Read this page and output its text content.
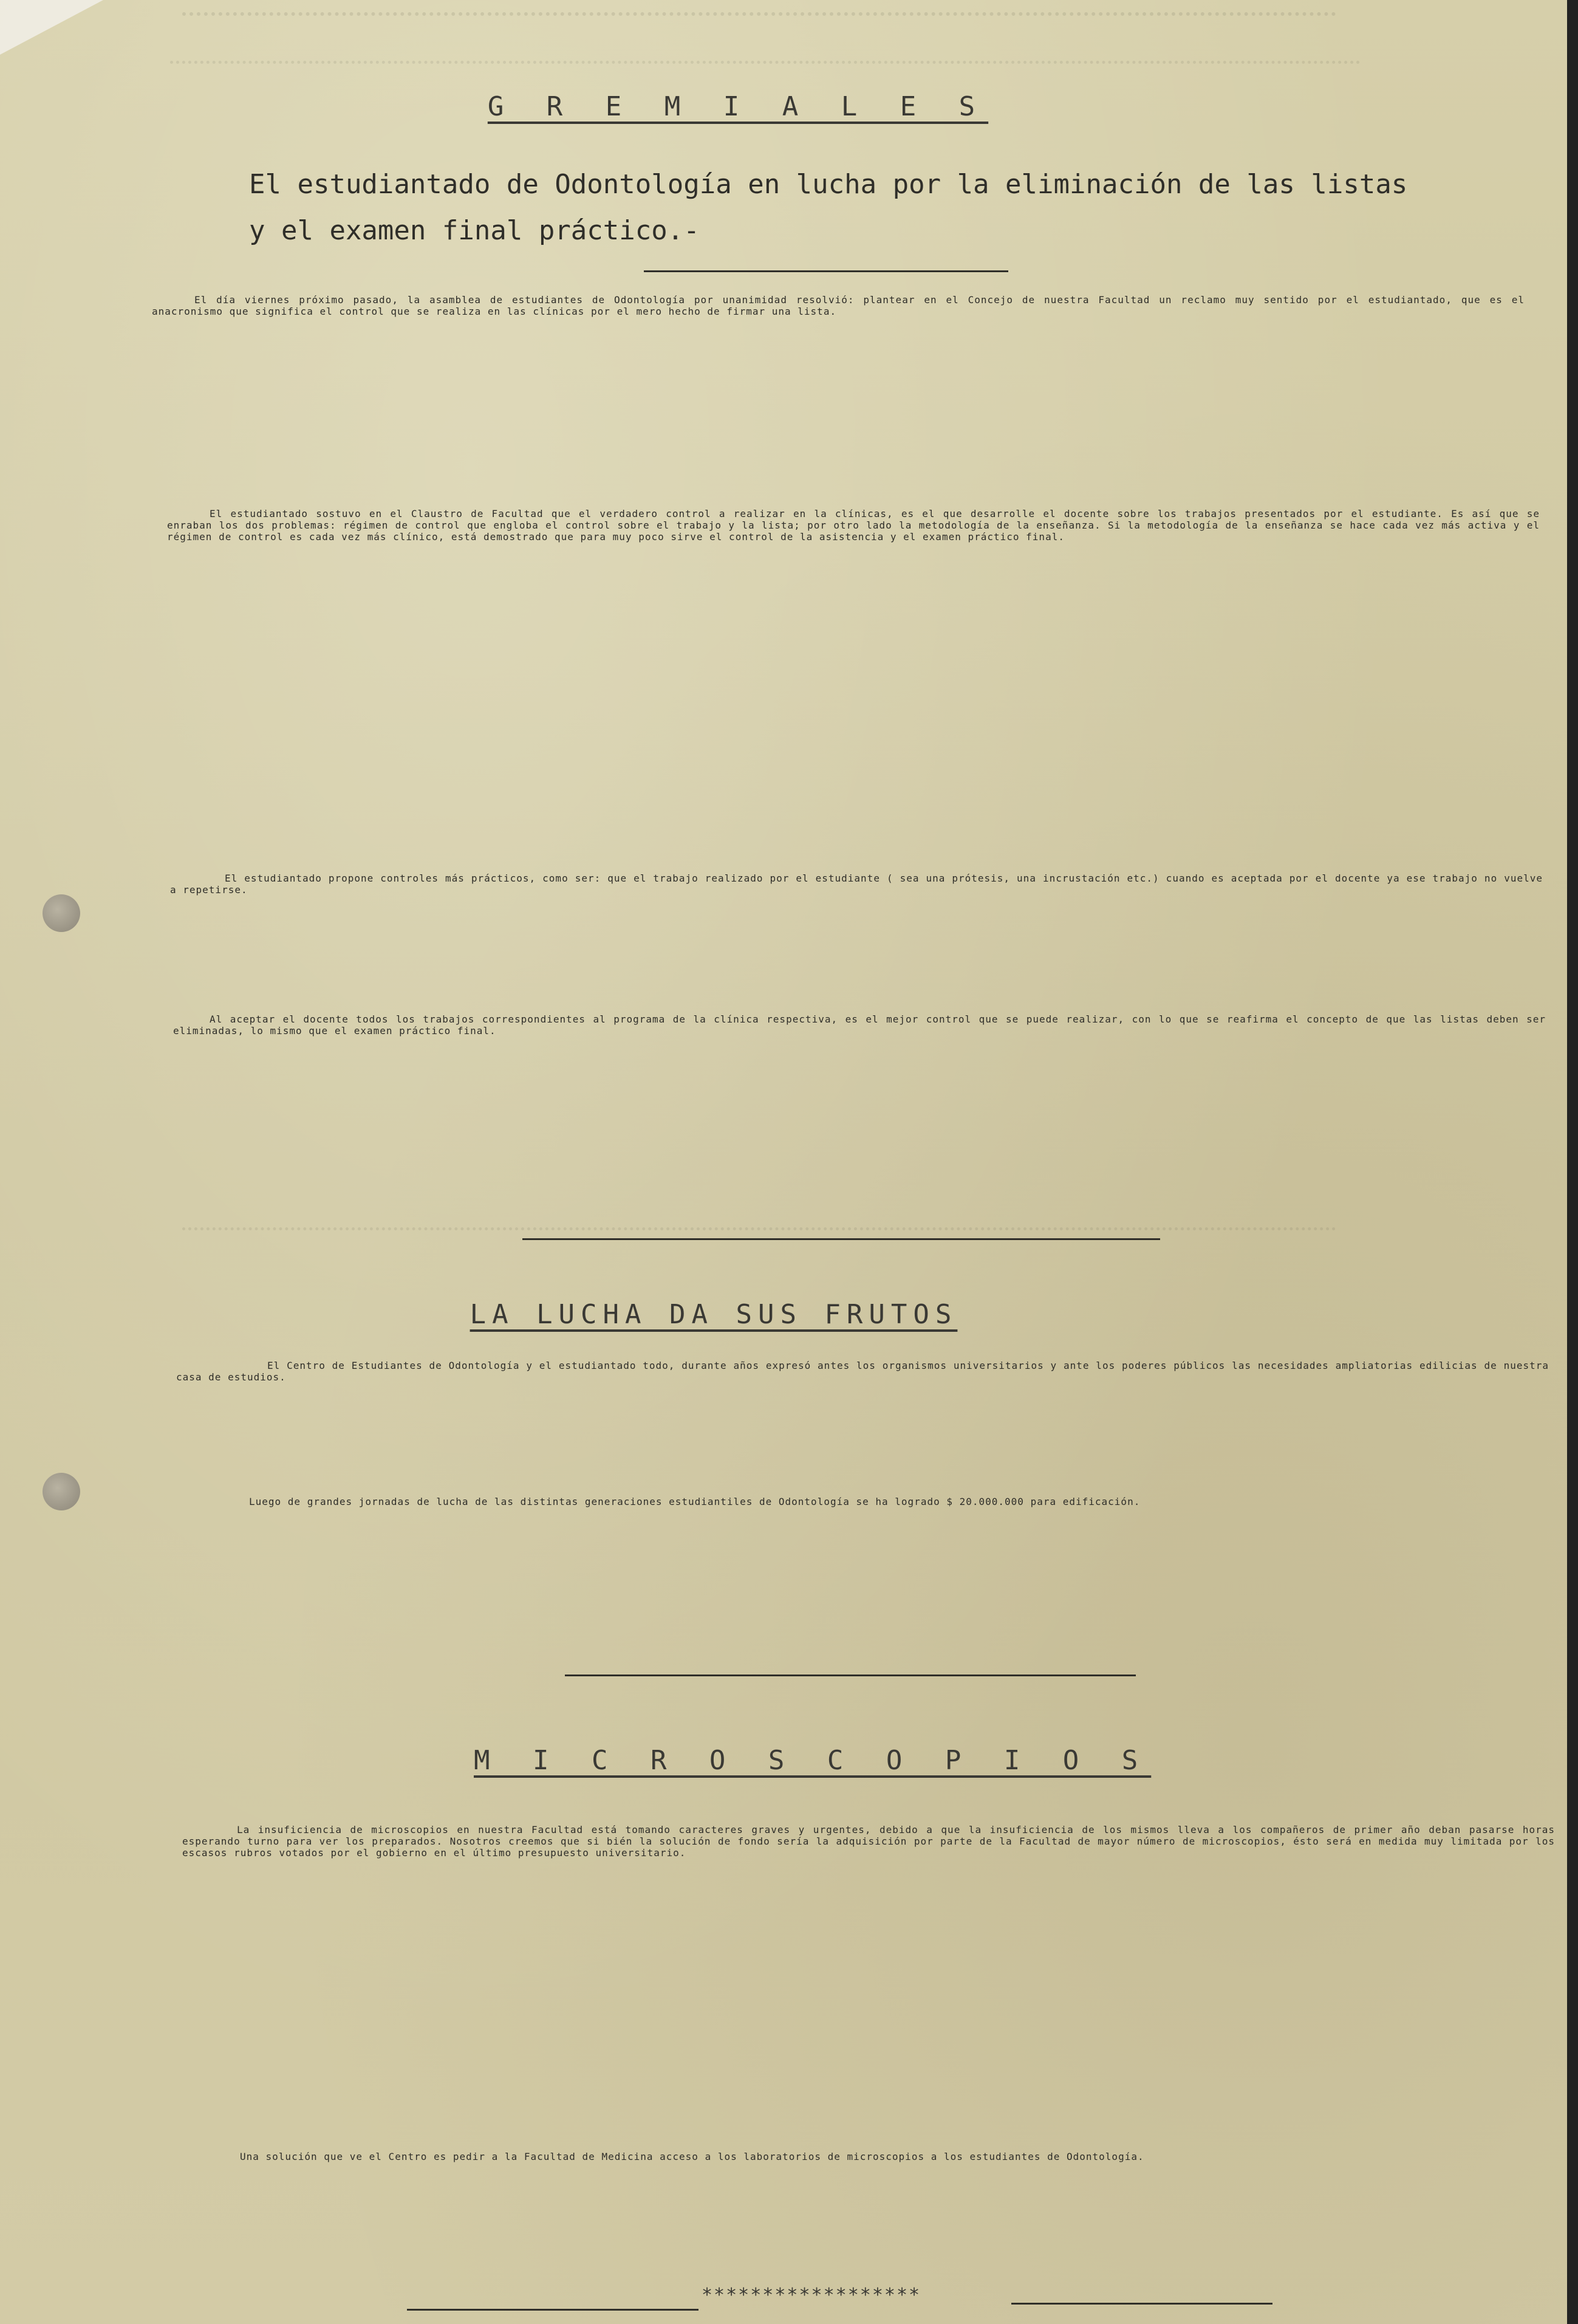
G R E M I A L E S
El estudiantado de Odontología en lucha por la eliminación de las listas y el examen final práctico.-
El día viernes próximo pasado, la asamblea de estudiantes de Odontología por unanimidad resolvió: plantear en el Concejo de nuestra Facultad un reclamo muy sentido por el estudiantado, que es el anacronismo que significa el control que se realiza en las clínicas por el mero hecho de firmar una lista.
El estudiantado sostuvo en el Claustro de Facultad que el verdadero control a realizar en la clínicas, es el que desarrolle el docente sobre los trabajos presentados por el estudiante. Es así que se enraban los dos problemas: régimen de control que engloba el control sobre el trabajo y la lista; por otro lado la metodología de la enseñanza. Si la metodología de la enseñanza se hace cada vez más activa y el régimen de control es cada vez más clínico, está demostrado que para muy poco sirve el control de la asistencia y el examen práctico final.
El estudiantado propone controles más prácticos, como ser: que el trabajo realizado por el estudiante ( sea una prótesis, una incrustación etc.) cuando es aceptada por el docente ya ese trabajo no vuelve a repetirse.
Al aceptar el docente todos los trabajos correspondientes al programa de la clínica respectiva, es el mejor control que se puede realizar, con lo que se reafirma el concepto de que las listas deben ser eliminadas, lo mismo que el examen práctico final.
LA LUCHA DA SUS FRUTOS
El Centro de Estudiantes de Odontología y el estudiantado todo, durante años expresó antes los organismos universitarios y ante los poderes públicos las necesidades ampliatorias edilicias de nuestra casa de estudios.
Luego de grandes jornadas de lucha de las distintas generaciones estudiantiles de Odontología se ha logrado $ 20.000.000 para edificación.
M I C R O S C O P I O S
La insuficiencia de microscopios en nuestra Facultad está tomando caracteres graves y urgentes, debido a que la insuficiencia de los mismos lleva a los compañeros de primer año deban pasarse horas esperando turno para ver los preparados. Nosotros creemos que si bién la solución de fondo sería la adquisición por parte de la Facultad de mayor número de microscopios, ésto será en medida muy limitada por los escasos rubros votados por el gobierno en el último presupuesto universitario.
Una solución que ve el Centro es pedir a la Facultad de Medicina acceso a los laboratorios de microscopios a los estudiantes de Odontología.
******************
